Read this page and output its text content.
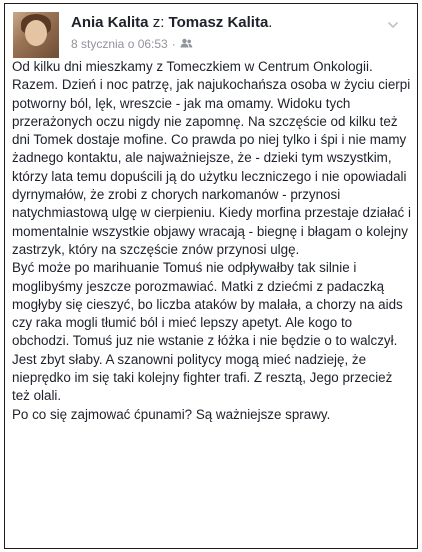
Ania Kalita z: Tomasz Kalita.
8 stycznia o 06:53 ·

Od kilku dni mieszkamy z Tomeczkiem w Centrum Onkologii. Razem. Dzień i noc patrzę, jak najukochańsza osoba w życiu cierpi potworny ból, lęk, wreszcie - jak ma omamy. Widoku tych przerażonych oczu nigdy nie zapomnę. Na szczęście od kilku też dni Tomek dostaje mofine. Co prawda po niej tylko i śpi i nie mamy żadnego kontaktu, ale najważniejsze, że - dzieki tym wszystkim, którzy lata temu dopuścili ją do użytku leczniczego i nie opowiadali dyrnymałów, że zrobi z chorych narkomanów - przynosi natychmiastową ulgę w cierpieniu. Kiedy morfina przestaje działać i momentalnie wszystkie objawy wracają - biegnę i błagam o kolejny zastrzyk, który na szczęście znów przynosi ulgę.

Być może po marihuanie Tomuś nie odpływałby tak silnie i moglibyśmy jeszcze porozmawiać. Matki z dziećmi z padaczką mogłyby się cieszyć, bo liczba ataków by malała, a chorzy na aids czy raka mogli tłumić ból i mieć lepszy apetyt. Ale kogo to obchodzi. Tomuś juz nie wstanie z łóżka i nie będzie o to walczył. Jest zbyt słaby. A szanowni politycy mogą mieć nadzieję, że nieprędko im się taki kolejny fighter trafi. Z resztą, Jego przecież też olali.

Po co się zajmować ćpunami? Są ważniejsze sprawy.
